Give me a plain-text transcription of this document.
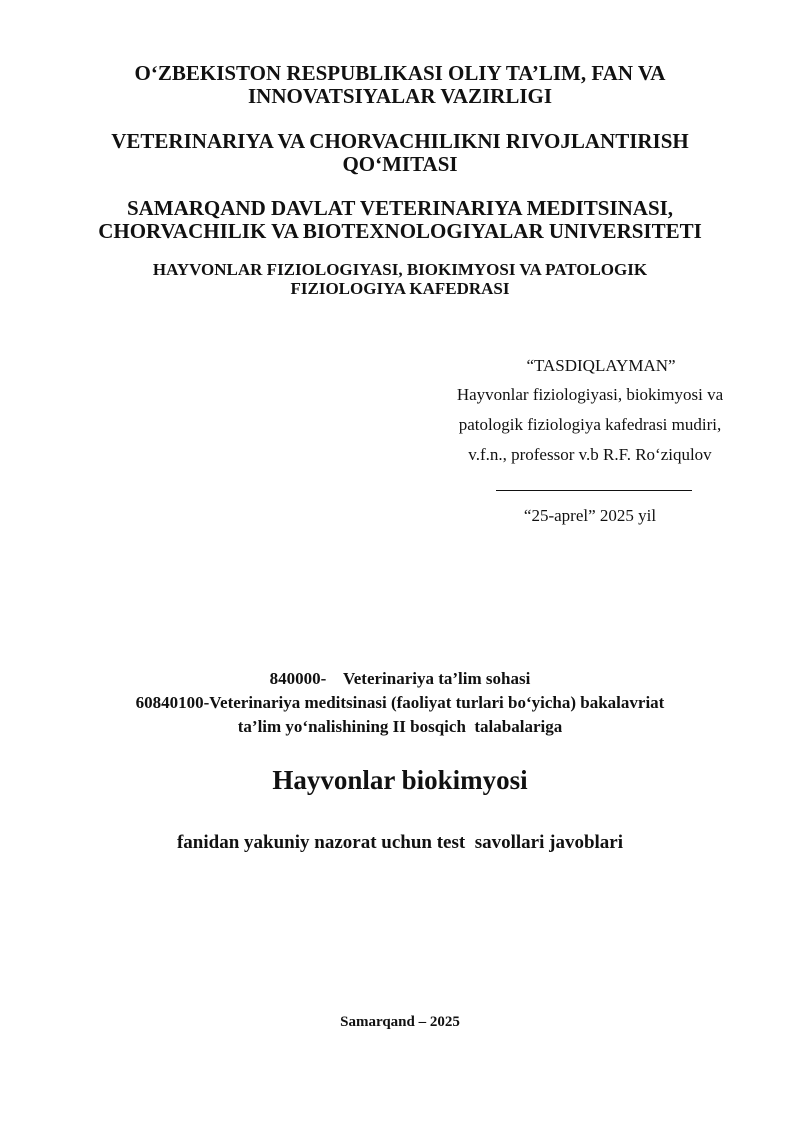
O‘ZBEKISTON RESPUBLIKASI OLIY TA’LIM, FAN VA
INNOVATSIYALAR VAZIRLIGI
VETERINARIYA VA CHORVACHILIKNI RIVOJLANTIRISH
QO‘MITASI
SAMARQAND DAVLAT VETERINARIYA MEDITSINASI,
CHORVACHILIK VA BIOTEXNOLOGIYALAR UNIVERSITETI
HAYVONLAR FIZIOLOGIYASI, BIOKIMYOSI VA PATOLOGIK
FIZIOLOGIYA KAFEDRASI
“TASDIQLAYMAN”
Hayvonlar fiziologiyasi, biokimyosi va
patologik fiziologiya kafedrasi mudiri,
v.f.n., professor v.b R.F. Ro‘ziqulov
“25-aprel” 2025 yil
840000-    Veterinariya ta’lim sohasi
60840100-Veterinariya meditsinasi (faoliyat turlari bo‘yicha) bakalavriat
ta’lim yo‘nalishining II bosqich  talabalariga
Hayvonlar biokimyosi
fanidan yakuniy nazorat uchun test  savollari javoblari
Samarqand – 2025
